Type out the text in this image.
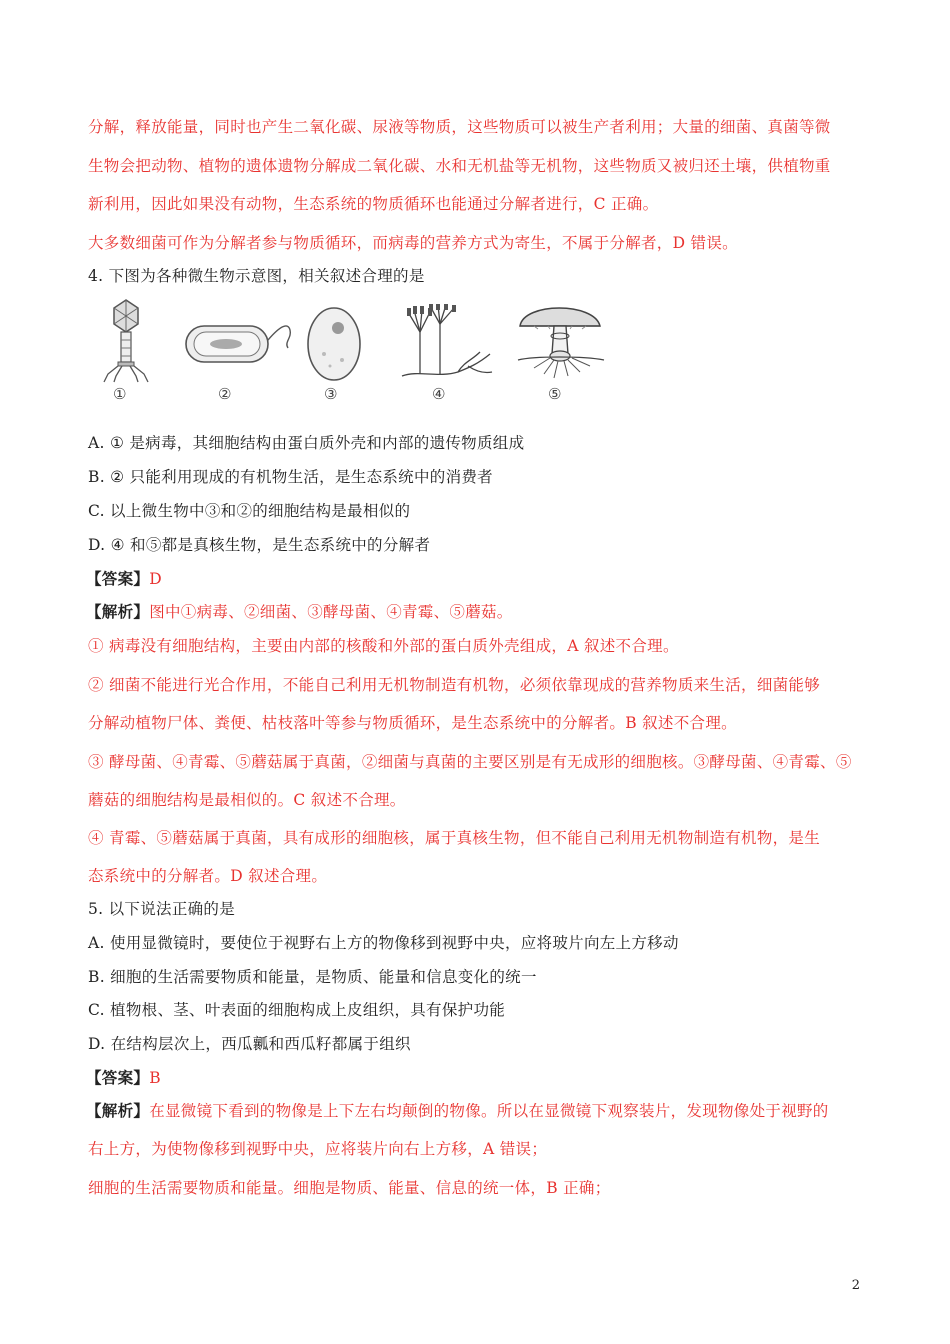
分解，释放能量，同时也产生二氧化碳、尿液等物质，这些物质可以被生产者利用；大量的细菌、真菌等微
生物会把动物、植物的遗体遗物分解成二氧化碳、水和无机盐等无机物，这些物质又被归还土壤，供植物重
新利用，因此如果没有动物，生态系统的物质循环也能通过分解者进行，C 正确。
大多数细菌可作为分解者参与物质循环，而病毒的营养方式为寄生，不属于分解者，D 错误。
4. 下图为各种微生物示意图，相关叙述合理的是
①	②	③	④	⑤
A. ① 是病毒，其细胞结构由蛋白质外壳和内部的遗传物质组成
B. ② 只能利用现成的有机物生活，是生态系统中的消费者
C. 以上微生物中③和②的细胞结构是最相似的
D. ④ 和⑤都是真核生物，是生态系统中的分解者
【答案】D
【解析】图中①病毒、②细菌、③酵母菌、④青霉、⑤蘑菇。
① 病毒没有细胞结构，主要由内部的核酸和外部的蛋白质外壳组成，A 叙述不合理。
② 细菌不能进行光合作用，不能自己利用无机物制造有机物，必须依靠现成的营养物质来生活，细菌能够
分解动植物尸体、粪便、枯枝落叶等参与物质循环，是生态系统中的分解者。B 叙述不合理。
③ 酵母菌、④青霉、⑤蘑菇属于真菌，②细菌与真菌的主要区别是有无成形的细胞核。③酵母菌、④青霉、⑤
蘑菇的细胞结构是最相似的。C 叙述不合理。
④ 青霉、⑤蘑菇属于真菌，具有成形的细胞核，属于真核生物，但不能自己利用无机物制造有机物，是生
态系统中的分解者。D 叙述合理。
5. 以下说法正确的是
A. 使用显微镜时，要使位于视野右上方的物像移到视野中央，应将玻片向左上方移动
B. 细胞的生活需要物质和能量，是物质、能量和信息变化的统一
C. 植物根、茎、叶表面的细胞构成上皮组织，具有保护功能
D. 在结构层次上，西瓜瓤和西瓜籽都属于组织
【答案】B
【解析】在显微镜下看到的物像是上下左右均颠倒的物像。所以在显微镜下观察装片，发现物像处于视野的
右上方，为使物像移到视野中央，应将装片向右上方移，A 错误；
细胞的生活需要物质和能量。细胞是物质、能量、信息的统一体，B 正确；
2
